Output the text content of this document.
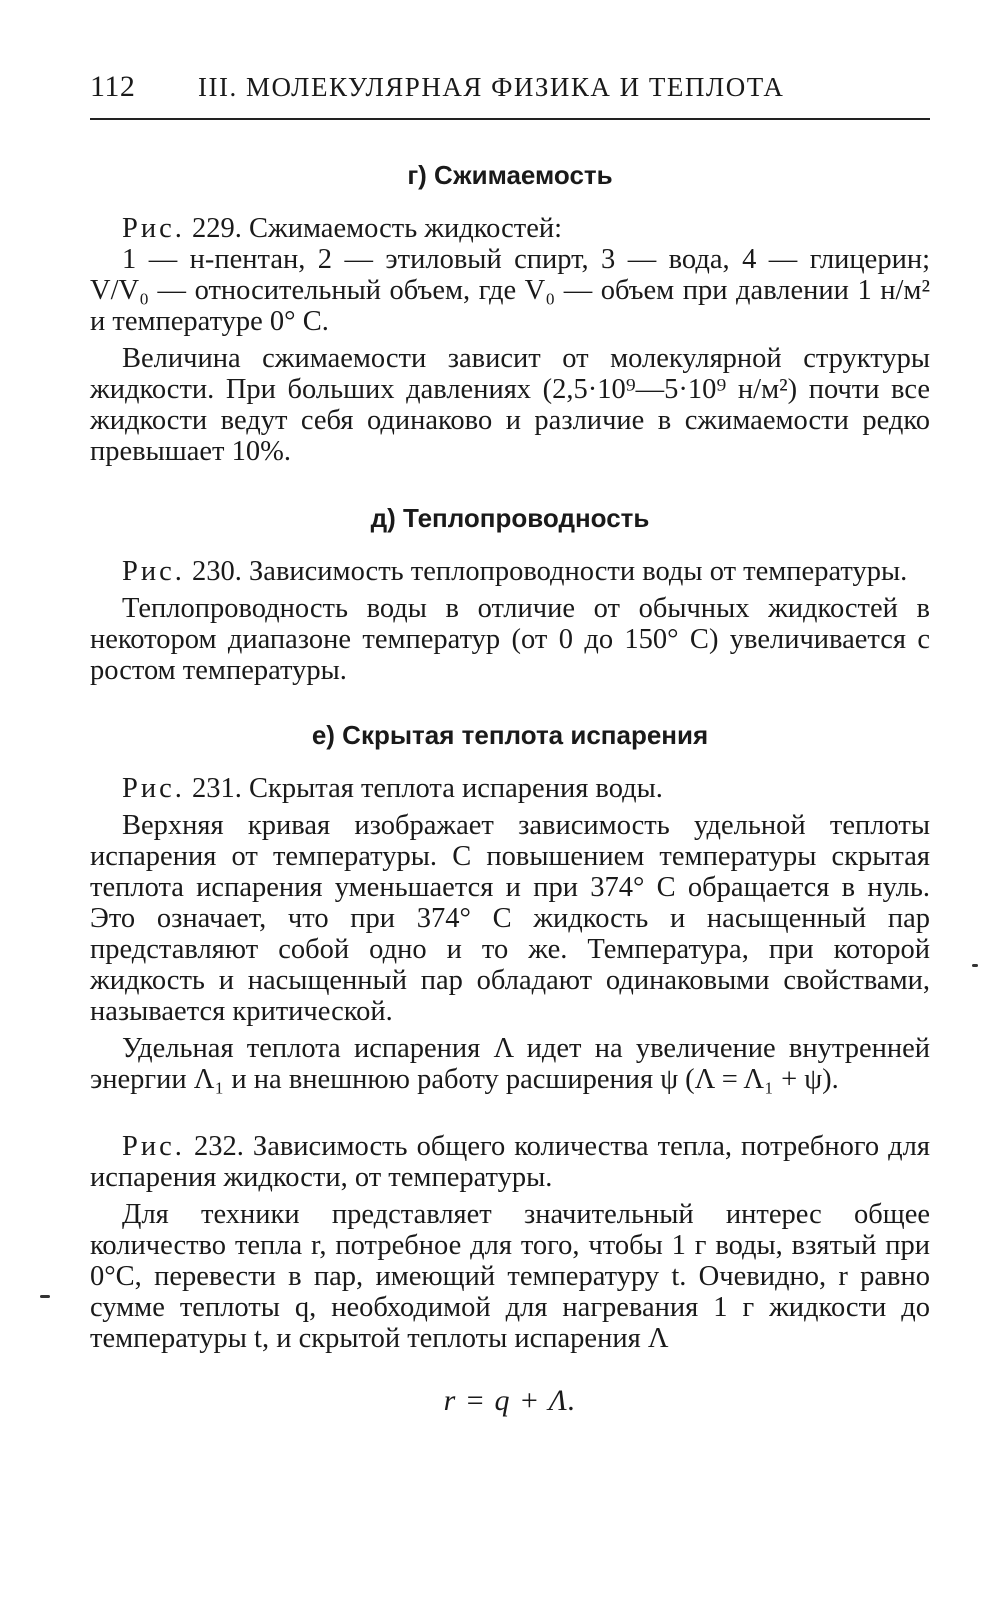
112	III. МОЛЕКУЛЯРНАЯ ФИЗИКА И ТЕПЛОТА
г) Сжимаемость

Рис. 229. Сжимаемость жидкостей:

1 — н-пентан, 2 — этиловый спирт, 3 — вода, 4 — глицерин; V/V₀ — относительный объем, где V₀ — объем при давлении 1 н/м² и температуре 0° С.

Величина сжимаемости зависит от молекулярной структуры жидкости. При больших давлениях (2,5·10⁹—5·10⁹ н/м²) почти все жидкости ведут себя одинаково и различие в сжимаемости редко превышает 10%.

д) Теплопроводность

Рис. 230. Зависимость теплопроводности воды от температуры.

Теплопроводность воды в отличие от обычных жидкостей в некотором диапазоне температур (от 0 до 150° С) увеличивается с ростом температуры.

е) Скрытая теплота испарения

Рис. 231. Скрытая теплота испарения воды.

Верхняя кривая изображает зависимость удельной теплоты испарения от температуры. С повышением температуры скрытая теплота испарения уменьшается и при 374° С обращается в нуль. Это означает, что при 374° С жидкость и насыщенный пар представляют собой одно и то же. Температура, при которой жидкость и насыщенный пар обладают одинаковыми свойствами, называется критической.

Удельная теплота испарения Λ идет на увеличение внутренней энергии Λ₁ и на внешнюю работу расширения ψ (Λ = Λ₁ + ψ).

Рис. 232. Зависимость общего количества тепла, потребного для испарения жидкости, от температуры.

Для техники представляет значительный интерес общее количество тепла r, потребное для того, чтобы 1 г воды, взятый при 0°С, перевести в пар, имеющий температуру t. Очевидно, r равно сумме теплоты q, необходимой для нагревания 1 г жидкости до температуры t, и скрытой теплоты испарения Λ

r = q + Λ.
